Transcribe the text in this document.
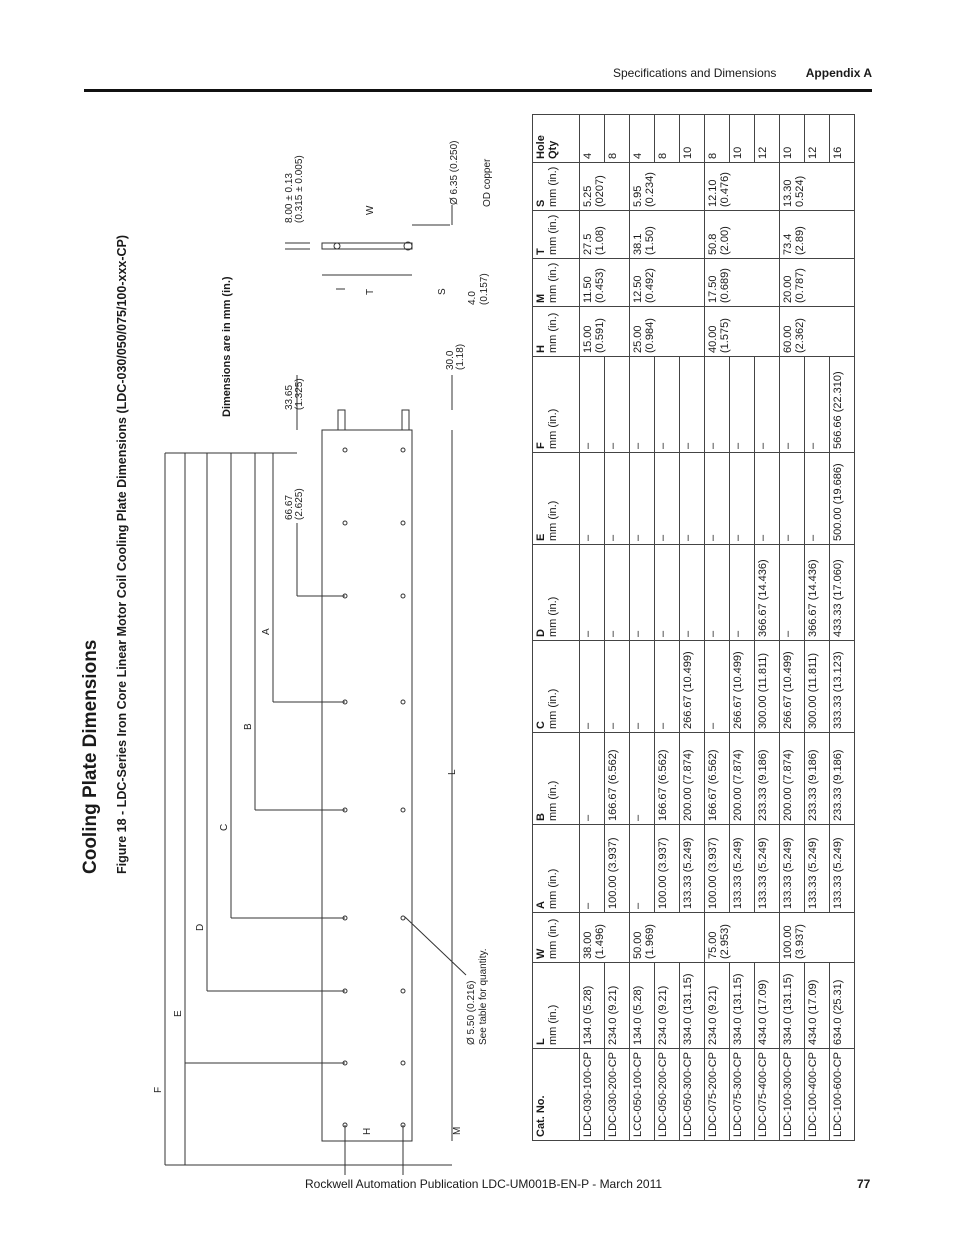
Specifications and Dimensions Appendix A
Cooling Plate Dimensions Figure 18 - LDC-Series Iron Core Linear Motor Coil Cooling Plate Dimensions (LDC-030/050/075/100-xxx-CP)	Dimensions are in mm (in.)
F
E
D
C
B
A
L
H	M
W
T	S
66.67 (2.625)
33.65 (1.325)
30.0 (1.18)
8.00 ± 0.13 (0.315 ± 0.005)
4.0 (0.157)
Ø 6.35 (0.250) OD copper
Ø 5.50 (0.216) See table for quantity.
Cat. No.	L mm (in.)	W mm (in.)	A mm (in.)	B mm (in.)	C mm (in.)	D mm (in.)	E mm (in.)	F mm (in.)	H mm (in.)	M mm (in.)	T mm (in.)	S mm (in.)	Hole Qty
LDC-030-100-CP	134.0 (5.28)	38.00 (1.496)	–	–	–	–	–	–	15.00 (0.591)	11.50 (0.453)	27.5 (1.08)	5.25 (0207)	4
LDC-030-200-CP	234.0 (9.21)		100.00 (3.937)	166.67 (6.562)	–	–	–	–					8
LCC-050-100-CP	134.0 (5.28)	50.00 (1.969)	–	–	–	–	–	–	25.00 (0.984)	12.50 (0.492)	38.1 (1.50)	5.95 (0.234)	4
LDC-050-200-CP	234.0 (9.21)		100.00 (3.937)	166.67 (6.562)	–	–	–	–					8
LDC-050-300-CP	334.0 (131.15)		133.33 (5.249)	200.00 (7.874)	266.67 (10.499)	–	–	–					10
LDC-075-200-CP	234.0 (9.21)	75.00 (2.953)	100.00 (3.937)	166.67 (6.562)	–	–	–	–	40.00 (1.575)	17.50 (0.689)	50.8 (2.00)	12.10 (0.476)	8
LDC-075-300-CP	334.0 (131.15)		133.33 (5.249)	200.00 (7.874)	266.67 (10.499)	–	–	–					10
LDC-075-400-CP	434.0 (17.09)		133.33 (5.249)	233.33 (9.186)	300.00 (11.811)	366.67 (14.436)	–	–					12
LDC-100-300-CP	334.0 (131.15)	100.00 (3.937)	133.33 (5.249)	200.00 (7.874)	266.67 (10.499)	–	–	–	60.00 (2.362)	20.00 (0.787)	73.4 (2.89)	13.30 0.524)	10
LDC-100-400-CP	434.0 (17.09)		133.33 (5.249)	233.33 (9.186)	300.00 (11.811)	366.67 (14.436)	–	–					12
LDC-100-600-CP	634.0 (25.31)		133.33 (5.249)	233.33 (9.186)	333.33 (13.123)	433.33 (17.060)	500.00 (19.686)	566.66 (22.310)					16
Rockwell Automation Publication LDC-UM001B-EN-P - March 2011	77
